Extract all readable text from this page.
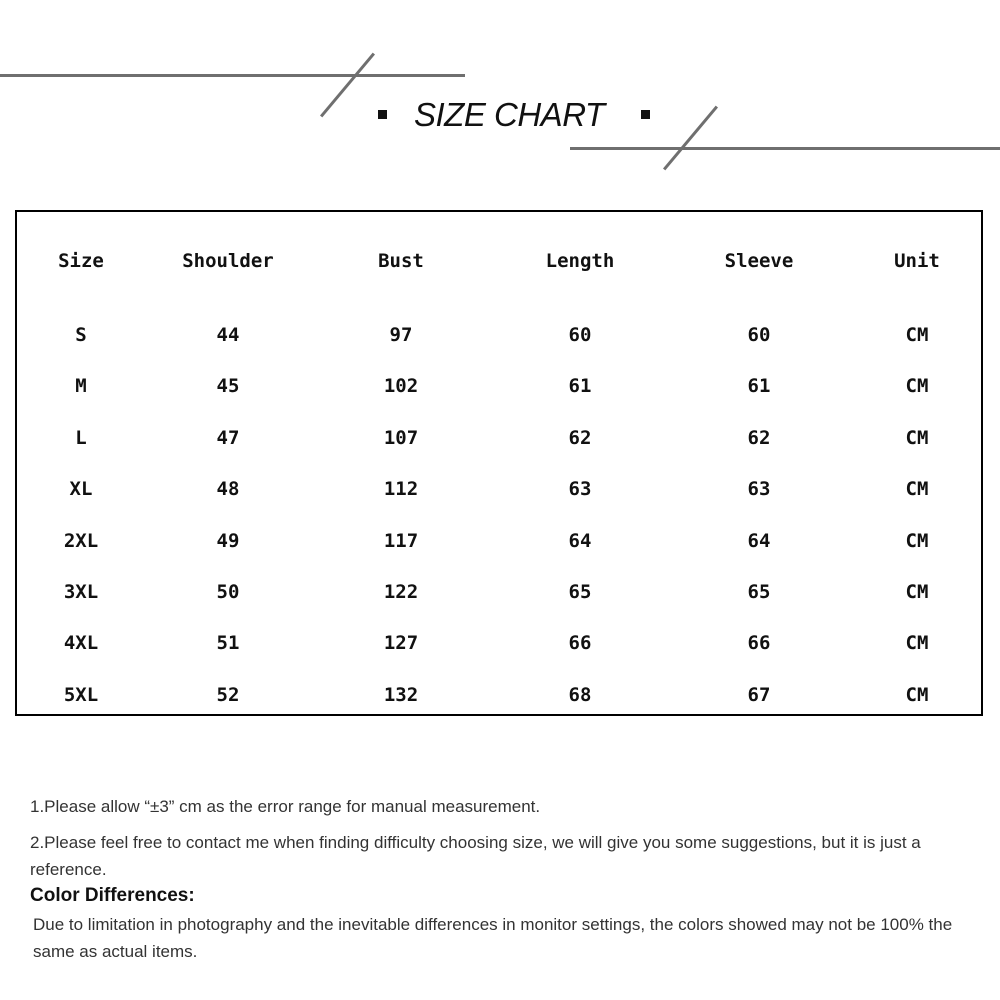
SIZE CHART
Size	Shoulder	Bust	Length	Sleeve	Unit
S	44	97	60	60	CM
M	45	102	61	61	CM
L	47	107	62	62	CM
XL	48	112	63	63	CM
2XL	49	117	64	64	CM
3XL	50	122	65	65	CM
4XL	51	127	66	66	CM
5XL	52	132	68	67	CM

1.Please allow “±3” cm as the error range for manual measurement.

2.Please feel free to contact me when finding difficulty choosing size, we will give you some suggestions, but it is just a reference.

Color Differences:

Due to limitation in photography and the inevitable differences in monitor settings, the colors showed may not be 100% the same as actual items.
